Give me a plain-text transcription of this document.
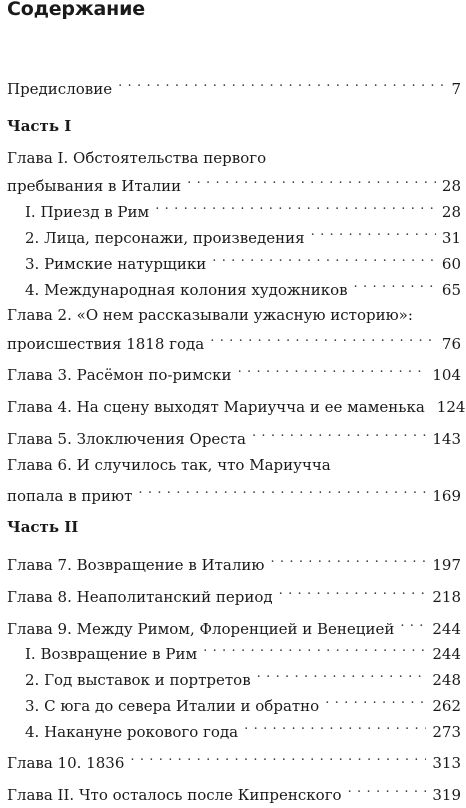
Содержание
Предисловие . . .	7
Часть I
Глава I. Обстоятельства первого
пребывания в Италии . . .	28
I. Приезд в Рим . . .	28
2. Лица, персонажи, произведения . . .	31
3. Римские натурщики . . .	60
4. Международная колония художников . . .	65
Глава 2. «О нем рассказывали ужасную историю»:
происшествия 1818 года . . .	76
Глава 3. Расёмон по-римски . . .	104
Глава 4. На сцену выходят Мариучча и ее маменька 124
Глава 5. Злоключения Ореста . . .	143
Глава 6. И случилось так, что Мариучча
попала в приют . . .	169
Часть II
Глава 7. Возвращение в Италию . . .	197
Глава 8. Неаполитанский период . . .	218
Глава 9. Между Римом, Флоренцией и Венецией . . .	244
I. Возвращение в Рим . . .	244
2. Год выставок и портретов . . .	248
3. С юга до севера Италии и обратно . . .	262
4. Накануне рокового года . . .	273
Глава 10. 1836 . . .	313
Глава II. Что осталось после Кипренского . . .	319
